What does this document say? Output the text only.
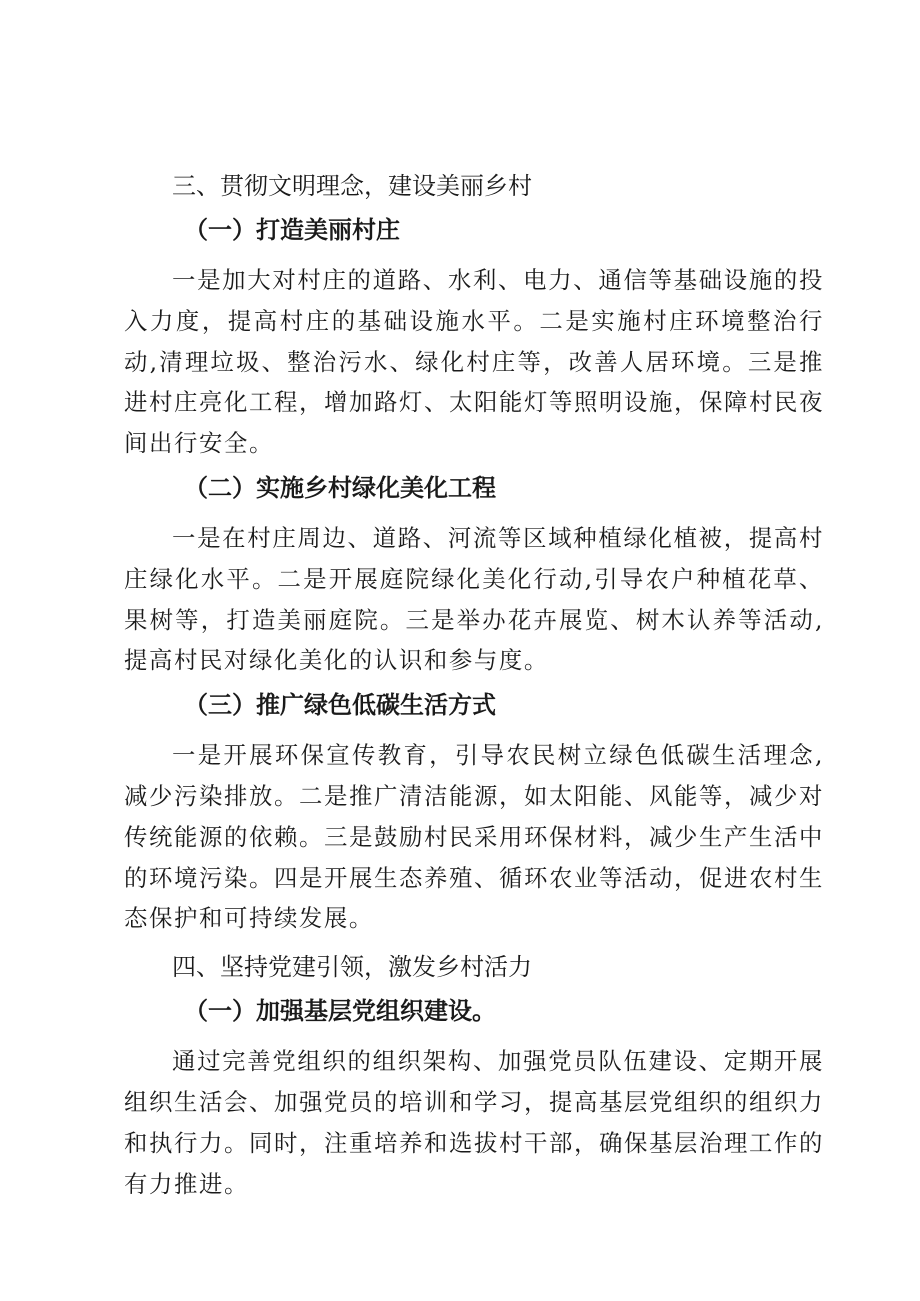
三、贯彻文明理念，建设美丽乡村
（一）打造美丽村庄

一是加大对村庄的道路、水利、电力、通信等基础设施的投入力度，提高村庄的基础设施水平。二是实施村庄环境整治行动,清理垃圾、整治污水、绿化村庄等，改善人居环境。三是推进村庄亮化工程，增加路灯、太阳能灯等照明设施，保障村民夜间出行安全。

（二）实施乡村绿化美化工程

一是在村庄周边、道路、河流等区域种植绿化植被，提高村庄绿化水平。二是开展庭院绿化美化行动,引导农户种植花草、果树等，打造美丽庭院。三是举办花卉展览、树木认养等活动,提高村民对绿化美化的认识和参与度。

（三）推广绿色低碳生活方式

一是开展环保宣传教育，引导农民树立绿色低碳生活理念,减少污染排放。二是推广清洁能源，如太阳能、风能等，减少对传统能源的依赖。三是鼓励村民采用环保材料，减少生产生活中的环境污染。四是开展生态养殖、循环农业等活动，促进农村生态保护和可持续发展。

四、坚持党建引领，激发乡村活力
（一）加强基层党组织建设。

通过完善党组织的组织架构、加强党员队伍建设、定期开展组织生活会、加强党员的培训和学习，提高基层党组织的组织力和执行力。同时，注重培养和选拔村干部，确保基层治理工作的有力推进。
